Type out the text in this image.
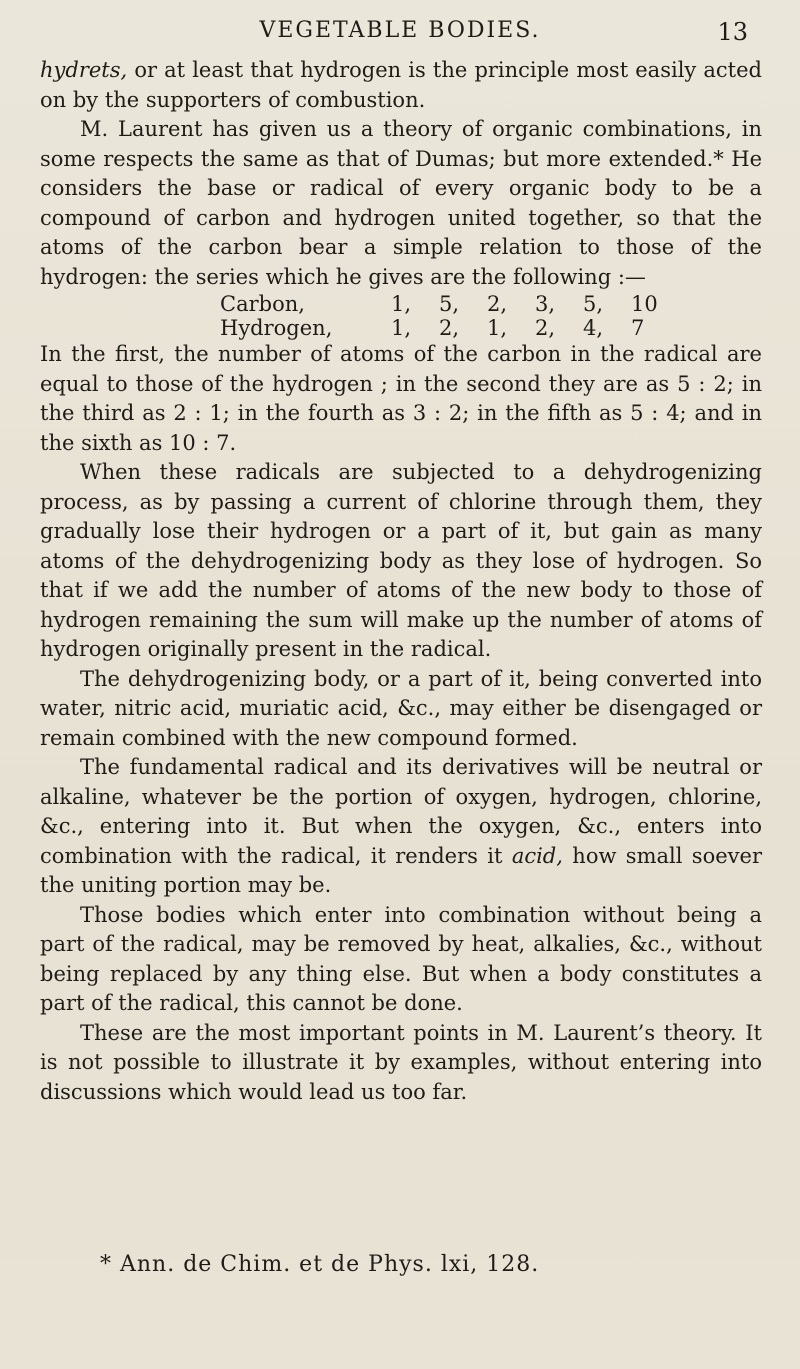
VEGETABLE BODIES.	13

hydrets, or at least that hydrogen is the principle most easily acted on by the supporters of combustion.

M. Laurent has given us a theory of organic combinations, in some respects the same as that of Dumas; but more extended.* He considers the base or radical of every organic body to be a compound of carbon and hydrogen united together, so that the atoms of the carbon bear a simple relation to those of the hydrogen: the series which he gives are the following :—

Carbon,	1,	5,	2,	3,	5,	10
Hydrogen,	1,	2,	1,	2,	4,	7

In the first, the number of atoms of the carbon in the radical are equal to those of the hydrogen ; in the second they are as 5 : 2; in the third as 2 : 1; in the fourth as 3 : 2; in the fifth as 5 : 4; and in the sixth as 10 : 7.

When these radicals are subjected to a dehydrogenizing process, as by passing a current of chlorine through them, they gradually lose their hydrogen or a part of it, but gain as many atoms of the dehydrogenizing body as they lose of hydrogen. So that if we add the number of atoms of the new body to those of hydrogen remaining the sum will make up the number of atoms of hydrogen originally present in the radical.

The dehydrogenizing body, or a part of it, being converted into water, nitric acid, muriatic acid, &c., may either be disengaged or remain combined with the new compound formed.

The fundamental radical and its derivatives will be neutral or alkaline, whatever be the portion of oxygen, hydrogen, chlorine, &c., entering into it. But when the oxygen, &c., enters into combination with the radical, it renders it acid, how small soever the uniting portion may be.

Those bodies which enter into combination without being a part of the radical, may be removed by heat, alkalies, &c., without being replaced by any thing else. But when a body constitutes a part of the radical, this cannot be done.

These are the most important points in M. Laurent’s theory. It is not possible to illustrate it by examples, without entering into discussions which would lead us too far.

* Ann. de Chim. et de Phys. lxi, 128.
